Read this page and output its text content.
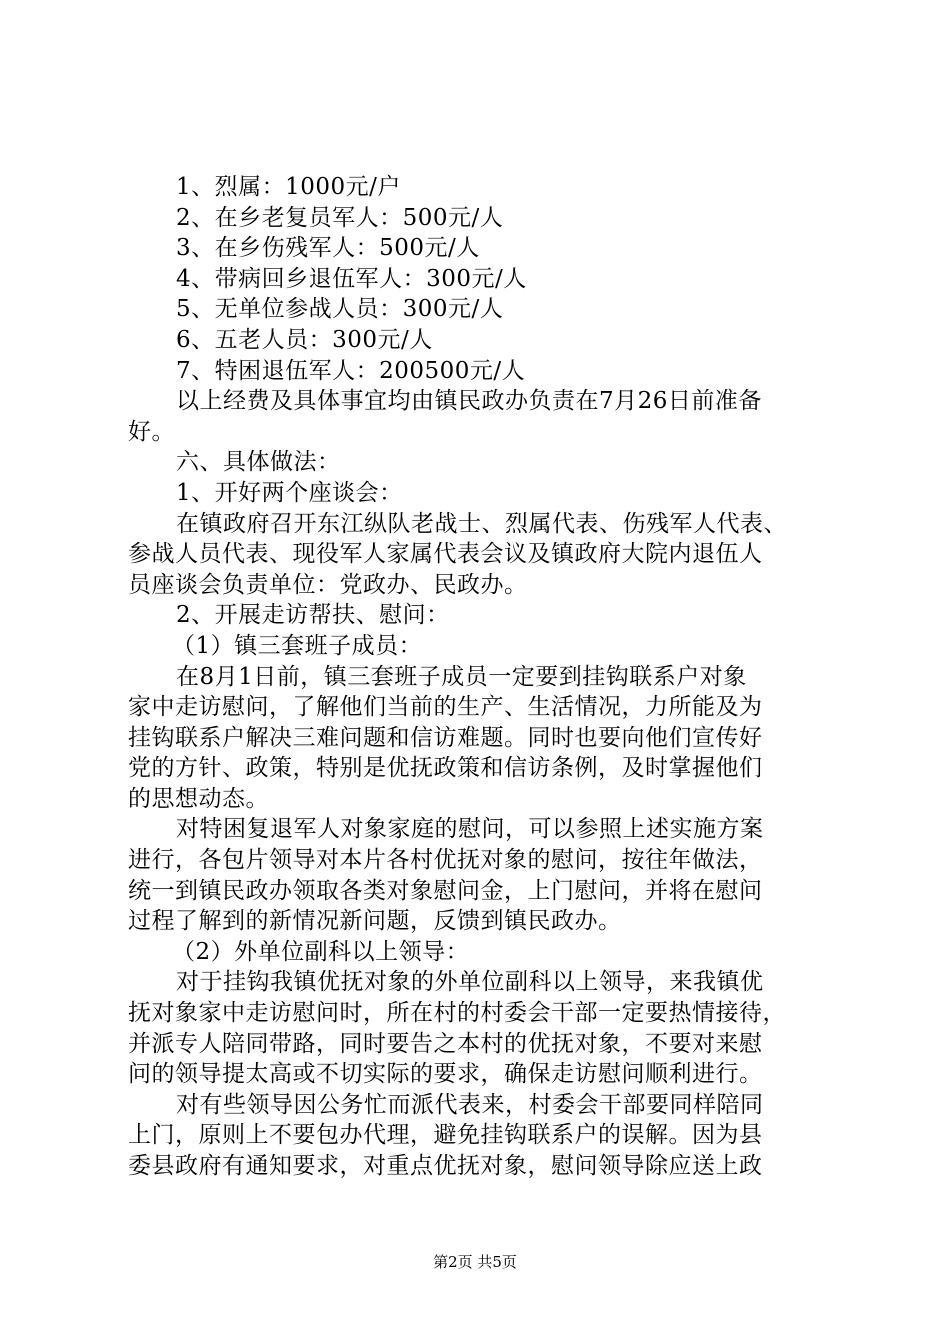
1、烈属：1000元/户
2、在乡老复员军人：500元/人
3、在乡伤残军人：500元/人
4、带病回乡退伍军人：300元/人
5、无单位参战人员：300元/人
6、五老人员：300元/人
7、特困退伍军人：200500元/人
以上经费及具体事宜均由镇民政办负责在7月26日前准备
好。
六、具体做法：
1、开好两个座谈会：
在镇政府召开东江纵队老战士、烈属代表、伤残军人代表、
参战人员代表、现役军人家属代表会议及镇政府大院内退伍人
员座谈会负责单位：党政办、民政办。
2、开展走访帮扶、慰问：
（1）镇三套班子成员：
在8月1日前，镇三套班子成员一定要到挂钩联系户对象
家中走访慰问，了解他们当前的生产、生活情况，力所能及为
挂钩联系户解决三难问题和信访难题。同时也要向他们宣传好
党的方针、政策，特别是优抚政策和信访条例，及时掌握他们
的思想动态。
对特困复退军人对象家庭的慰问，可以参照上述实施方案
进行，各包片领导对本片各村优抚对象的慰问，按往年做法，
统一到镇民政办领取各类对象慰问金，上门慰问，并将在慰问
过程了解到的新情况新问题，反馈到镇民政办。
（2）外单位副科以上领导：
对于挂钩我镇优抚对象的外单位副科以上领导，来我镇优
抚对象家中走访慰问时，所在村的村委会干部一定要热情接待，
并派专人陪同带路，同时要告之本村的优抚对象，不要对来慰
问的领导提太高或不切实际的要求，确保走访慰问顺利进行。
对有些领导因公务忙而派代表来，村委会干部要同样陪同
上门，原则上不要包办代理，避免挂钩联系户的误解。因为县
委县政府有通知要求，对重点优抚对象，慰问领导除应送上政
第2页 共5页
